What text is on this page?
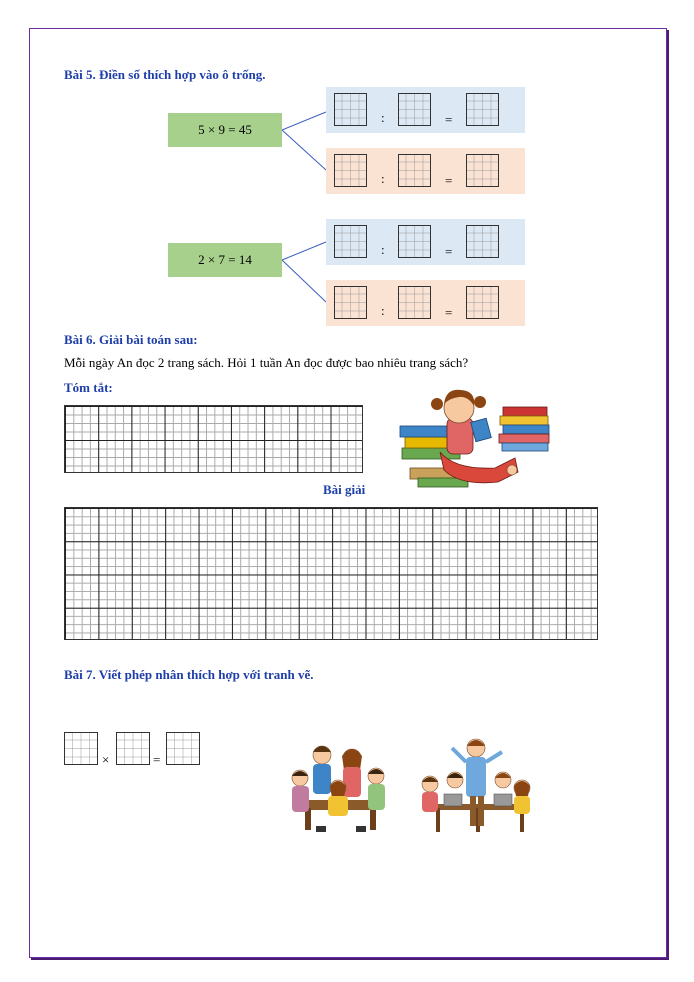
Bài 5. Điền số thích hợp vào ô trống.
5 × 9 = 45
2 × 7 = 14
:	=
:	=
:	=
:	=
Bài 6. Giải bài toán sau:
Mỗi ngày An đọc 2 trang sách. Hỏi 1 tuần An đọc được bao nhiêu trang sách?
Tóm tắt:
Bài giải
Bài 7. Viết phép nhân thích hợp với tranh vẽ.
×	=
